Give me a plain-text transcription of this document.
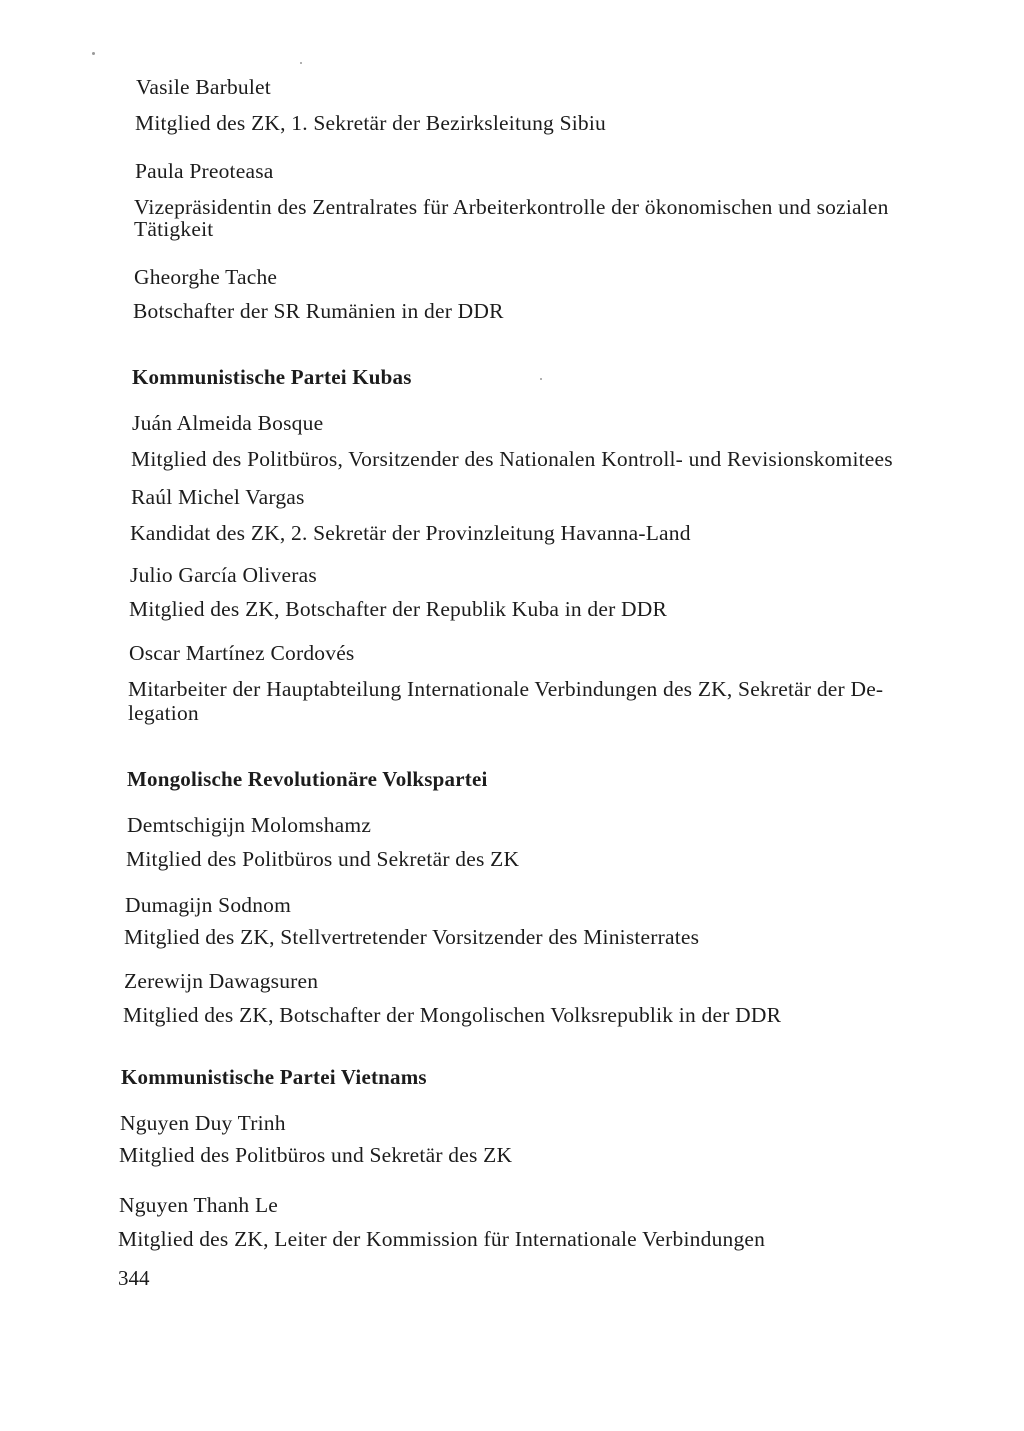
Vasile Barbulet
Mitglied des ZK, 1. Sekretär der Bezirksleitung Sibiu
Paula Preoteasa
Vizepräsidentin des Zentralrates für Arbeiterkontrolle der ökonomischen und sozialen
Tätigkeit
Gheorghe Tache
Botschafter der SR Rumänien in der DDR
Kommunistische Partei Kubas
Juán Almeida Bosque
Mitglied des Politbüros, Vorsitzender des Nationalen Kontroll- und Revisionskomitees
Raúl Michel Vargas
Kandidat des ZK, 2. Sekretär der Provinzleitung Havanna-Land
Julio García Oliveras
Mitglied des ZK, Botschafter der Republik Kuba in der DDR
Oscar Martínez Cordovés
Mitarbeiter der Hauptabteilung Internationale Verbindungen des ZK, Sekretär der De-
legation
Mongolische Revolutionäre Volkspartei
Demtschigijn Molomshamz
Mitglied des Politbüros und Sekretär des ZK
Dumagijn Sodnom
Mitglied des ZK, Stellvertretender Vorsitzender des Ministerrates
Zerewijn Dawagsuren
Mitglied des ZK, Botschafter der Mongolischen Volksrepublik in der DDR
Kommunistische Partei Vietnams
Nguyen Duy Trinh
Mitglied des Politbüros und Sekretär des ZK
Nguyen Thanh Le
Mitglied des ZK, Leiter der Kommission für Internationale Verbindungen
344
